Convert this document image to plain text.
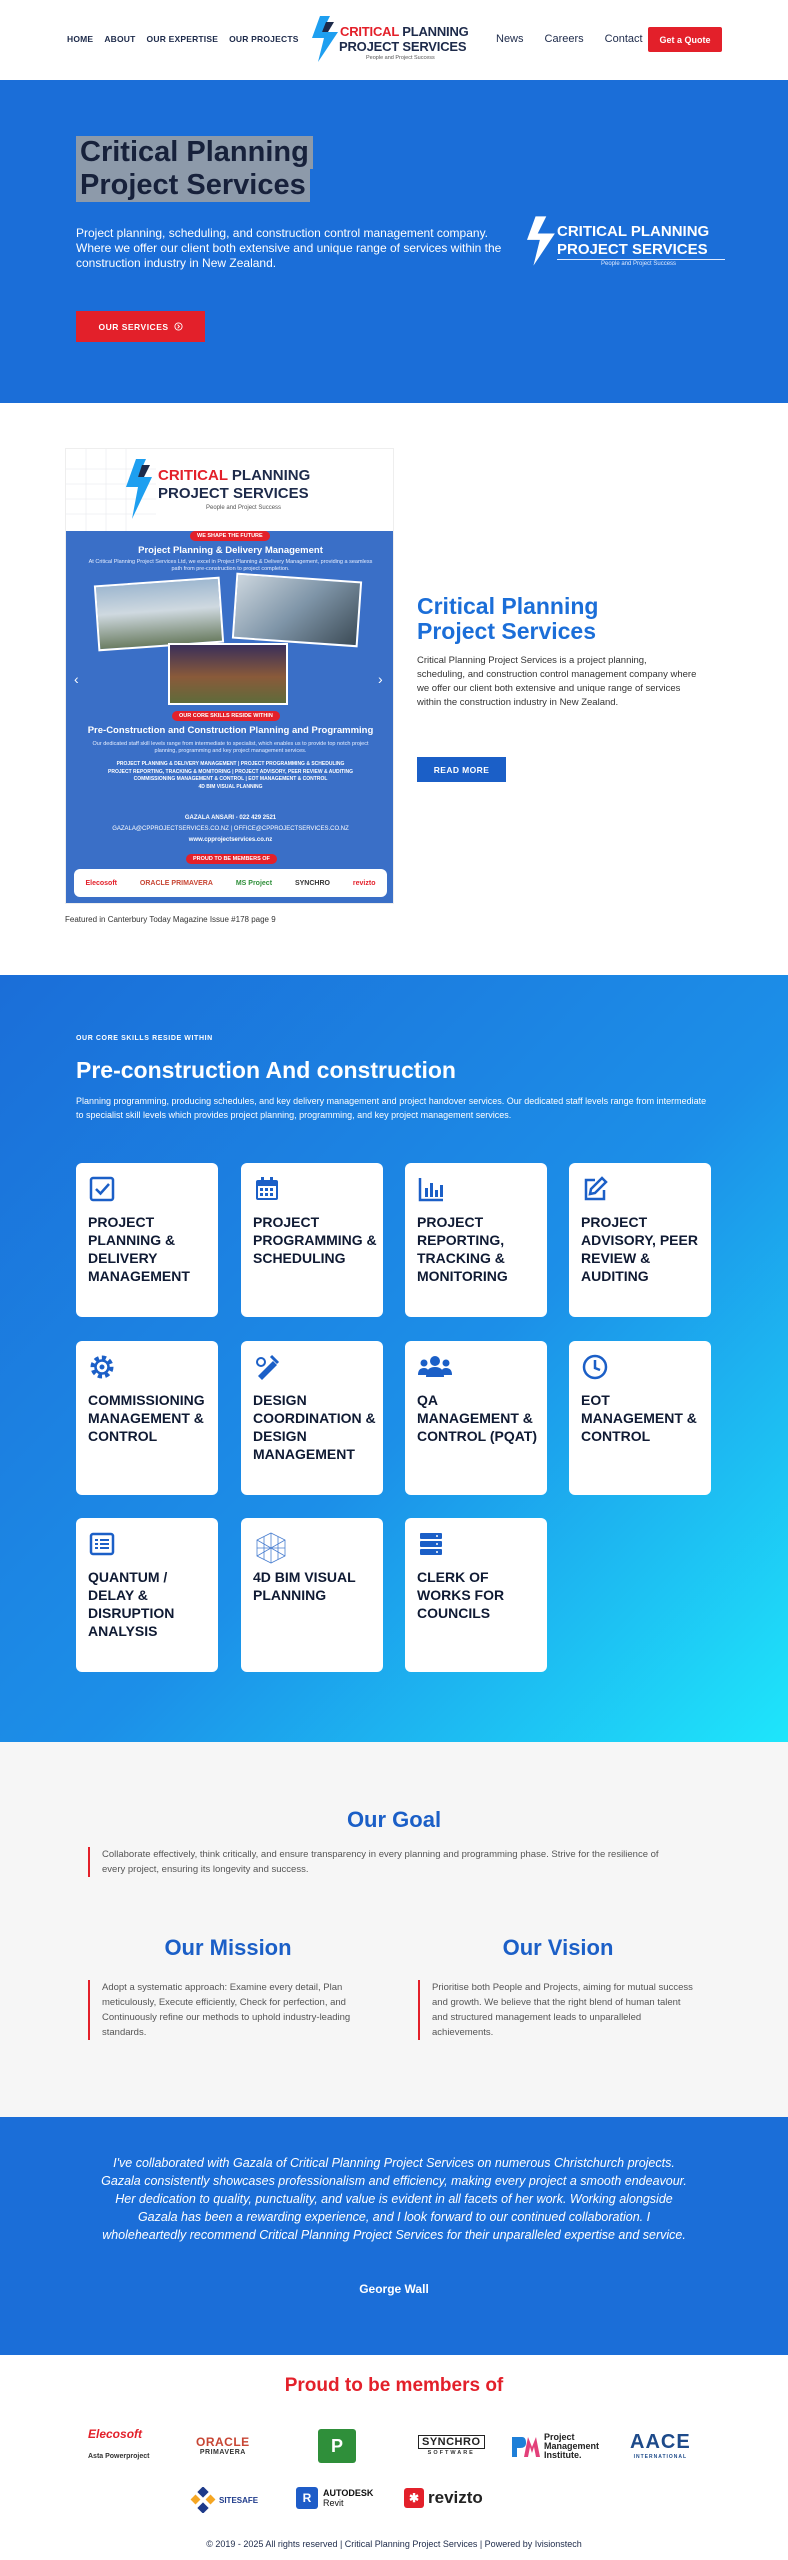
HOME ABOUT OUR EXPERTISE OUR PROJECTS	CRITICAL PLANNING
PROJECT SERVICES
People and Project Success
News Careers Contact	Get a Quote
Critical Planning
Project Services
Project planning, scheduling, and construction control management company. Where we offer our client both extensive and unique range of services within the construction industry in New Zealand.
OUR SERVICES
CRITICAL PLANNING
PROJECT SERVICES
People and Project Success
CRITICAL PLANNING
PROJECT SERVICES
People and Project Success
WE SHAPE THE FUTURE
Project Planning & Delivery Management
At Critical Planning Project Services Ltd, we excel in Project Planning & Delivery Management, providing a seamless path from pre-construction to project completion.
OUR CORE SKILLS RESIDE WITHIN
Pre-Construction and Construction Planning and Programming
Our dedicated staff skill levels range from intermediate to specialist, which enables us to provide top notch project planning, programming and key project management services.
PROJECT PLANNING & DELIVERY MANAGEMENT | PROJECT PROGRAMMING & SCHEDULING
PROJECT REPORTING, TRACKING & MONITORING | PROJECT ADVISORY, PEER REVIEW & AUDITING
COMMISSIONING MANAGEMENT & CONTROL | EOT MANAGEMENT & CONTROL
4D BIM VISUAL PLANNING
GAZALA ANSARI - 022 429 2521
GAZALA@CPPROJECTSERVICES.CO.NZ | OFFICE@CPPROJECTSERVICES.CO.NZ
www.cpprojectservices.co.nz
PROUD TO BE MEMBERS OF
Elecosoft	ORACLE PRIMAVERA	MS Project	SYNCHRO	revizto
‹	›
Featured in Canterbury Today Magazine Issue #178 page 9
Critical Planning Project Services
Critical Planning Project Services is a project planning, scheduling, and construction control management company where we offer our client both extensive and unique range of services within the construction industry in New Zealand.
READ MORE
OUR CORE SKILLS RESIDE WITHIN
Pre-construction And construction
Planning programming, producing schedules, and key delivery management and project handover services. Our dedicated staff levels range from intermediate to specialist skill levels which provides project planning, programming, and key project management services.
PROJECT PLANNING & DELIVERY MANAGEMENT
PROJECT PROGRAMMING & SCHEDULING
PROJECT REPORTING, TRACKING & MONITORING
PROJECT ADVISORY, PEER REVIEW & AUDITING
COMMISSIONING MANAGEMENT & CONTROL
DESIGN COORDINATION & DESIGN MANAGEMENT
QA MANAGEMENT & CONTROL (PQAT)
EOT MANAGEMENT & CONTROL
QUANTUM / DELAY & DISRUPTION ANALYSIS
4D BIM VISUAL PLANNING
CLERK OF WORKS FOR COUNCILS
Our Goal
Collaborate effectively, think critically, and ensure transparency in every planning and programming phase. Strive for the resilience of every project, ensuring its longevity and success.
Our Mission
Adopt a systematic approach: Examine every detail, Plan meticulously, Execute efficiently, Check for perfection, and Continuously refine our methods to uphold industry-leading standards.
Our Vision
Prioritise both People and Projects, aiming for mutual success and growth. We believe that the right blend of human talent and structured management leads to unparalleled achievements.
I've collaborated with Gazala of Critical Planning Project Services on numerous Christchurch projects. Gazala consistently showcases professionalism and efficiency, making every project a smooth endeavour. Her dedication to quality, punctuality, and value is evident in all facets of her work. Working alongside Gazala has been a rewarding experience, and I look forward to our continued collaboration. I wholeheartedly recommend Critical Planning Project Services for their unparalleled expertise and service.
George Wall
Proud to be members of
Elecosoft
Asta Powerproject
ORACLE
PRIMAVERA	P	SYNCHRO
SOFTWARE
Project
Management
Institute.
AACE
INTERNATIONAL
SITESAFE	R	AUTODESK
Revit	✱ revizto
© 2019 - 2025 All rights reserved | Critical Planning Project Services | Powered by Ivisionstech
